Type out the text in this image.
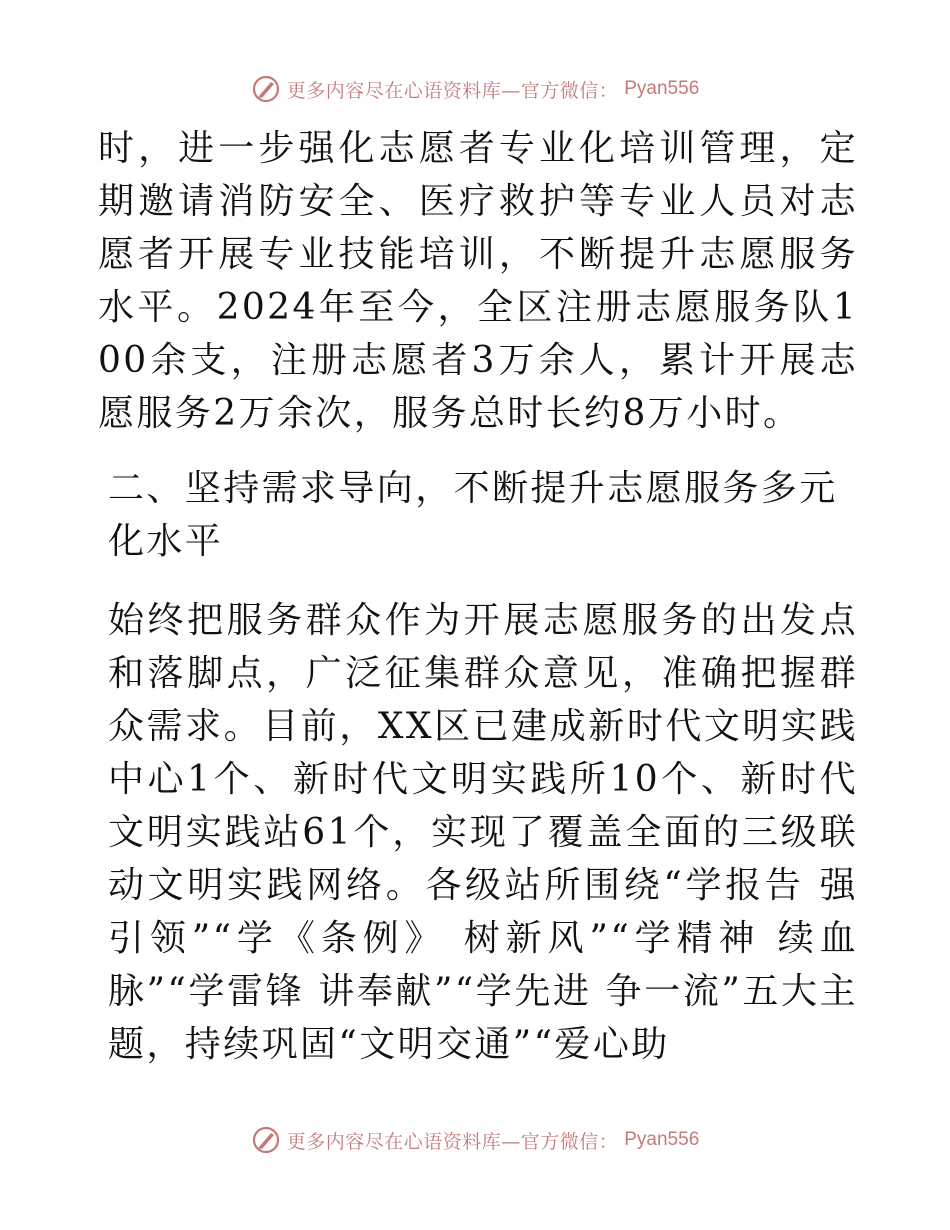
更多内容尽在心语资料库—官方微信： Pyan556

时，进一步强化志愿者专业化培训管理，定期邀请消防安全、医疗救护等专业人员对志愿者开展专业技能培训，不断提升志愿服务水平。2024年至今，全区注册志愿服务队100余支，注册志愿者3万余人，累计开展志愿服务2万余次，服务总时长约8万小时。

二、坚持需求导向，不断提升志愿服务多元化水平

始终把服务群众作为开展志愿服务的出发点和落脚点，广泛征集群众意见，准确把握群众需求。目前，XX区已建成新时代文明实践中心1个、新时代文明实践所10个、新时代文明实践站61个，实现了覆盖全面的三级联动文明实践网络。各级站所围绕“学报告 强引领”“学《条例》 树新风”“学精神 续血脉”“学雷锋 讲奉献”“学先进 争一流”五大主题，持续巩固“文明交通”“爱心助

更多内容尽在心语资料库—官方微信： Pyan556
